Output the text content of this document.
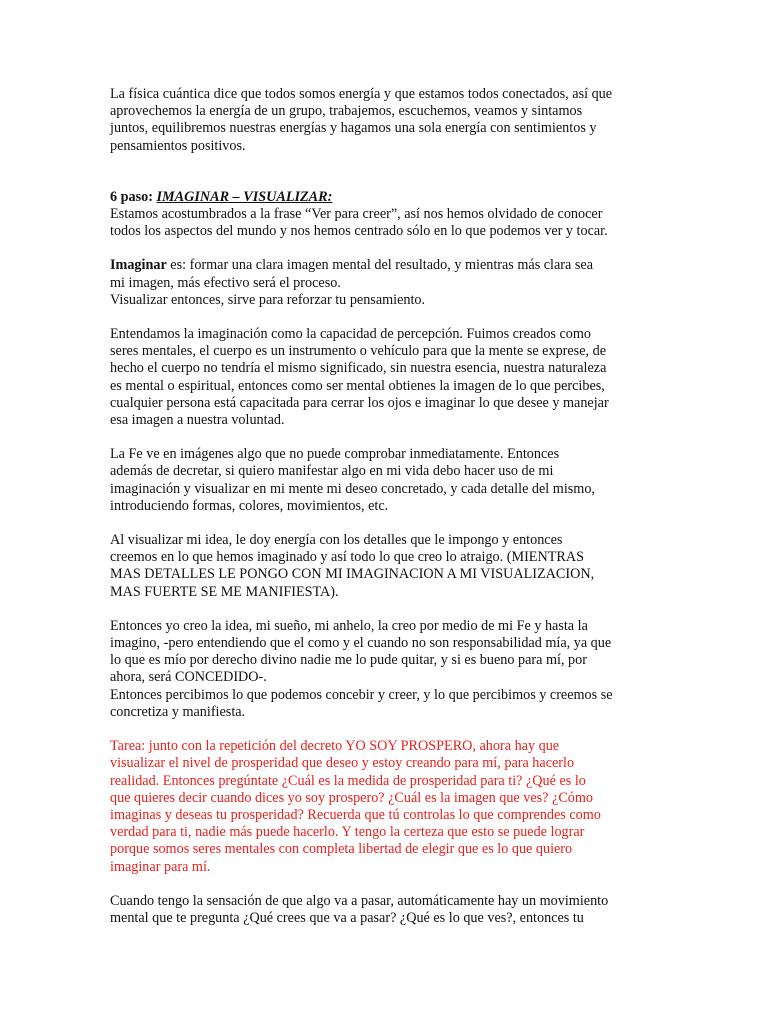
La física cuántica dice que todos somos energía y que estamos todos conectados, así que
aprovechemos la energía de un grupo, trabajemos, escuchemos, veamos y sintamos
juntos, equilibremos nuestras energías y hagamos una sola energía con sentimientos y
pensamientos positivos.

6 paso: IMAGINAR – VISUALIZAR:
Estamos acostumbrados a la frase “Ver para creer”, así nos hemos olvidado de conocer
todos los aspectos del mundo y nos hemos centrado sólo en lo que podemos ver y tocar.

Imaginar es: formar una clara imagen mental del resultado, y mientras más clara sea
mi imagen, más efectivo será el proceso.
Visualizar entonces, sirve para reforzar tu pensamiento.

Entendamos la imaginación como la capacidad de percepción. Fuimos creados como
seres mentales, el cuerpo es un instrumento o vehículo para que la mente se exprese, de
hecho el cuerpo no tendría el mismo significado, sin nuestra esencia, nuestra naturaleza
es mental o espiritual, entonces como ser mental obtienes la imagen de lo que percibes,
cualquier persona está capacitada para cerrar los ojos e imaginar lo que desee y manejar
esa imagen a nuestra voluntad.

La Fe ve en imágenes algo que no puede comprobar inmediatamente. Entonces
además de decretar, si quiero manifestar algo en mi vida debo hacer uso de mi
imaginación y visualizar en mi mente mi deseo concretado, y cada detalle del mismo,
introduciendo formas, colores, movimientos, etc.

Al visualizar mi idea, le doy energía con los detalles que le impongo y entonces
creemos en lo que hemos imaginado y así todo lo que creo lo atraigo. (MIENTRAS
MAS DETALLES LE PONGO CON MI IMAGINACION A MI VISUALIZACION,
MAS FUERTE SE ME MANIFIESTA).

Entonces yo creo la idea, mi sueño, mi anhelo, la creo por medio de mi Fe y hasta la
imagino, -pero entendiendo que el como y el cuando no son responsabilidad mía, ya que
lo que es mío por derecho divino nadie me lo pude quitar, y si es bueno para mí, por
ahora, será CONCEDIDO-.
Entonces percibimos lo que podemos concebir y creer, y lo que percibimos y creemos se
concretiza y manifiesta.

Tarea: junto con la repetición del decreto YO SOY PROSPERO, ahora hay que
visualizar el nivel de prosperidad que deseo y estoy creando para mí, para hacerlo
realidad. Entonces pregúntate ¿Cuál es la medida de prosperidad para ti? ¿Qué es lo
que quieres decir cuando dices yo soy prospero? ¿Cuál es la imagen que ves? ¿Cómo
imaginas y deseas tu prosperidad? Recuerda que tú controlas lo que comprendes como
verdad para ti, nadie más puede hacerlo. Y tengo la certeza que esto se puede lograr
porque somos seres mentales con completa libertad de elegir que es lo que quiero
imaginar para mí.

Cuando tengo la sensación de que algo va a pasar, automáticamente hay un movimiento
mental que te pregunta ¿Qué crees que va a pasar? ¿Qué es lo que ves?, entonces tu
